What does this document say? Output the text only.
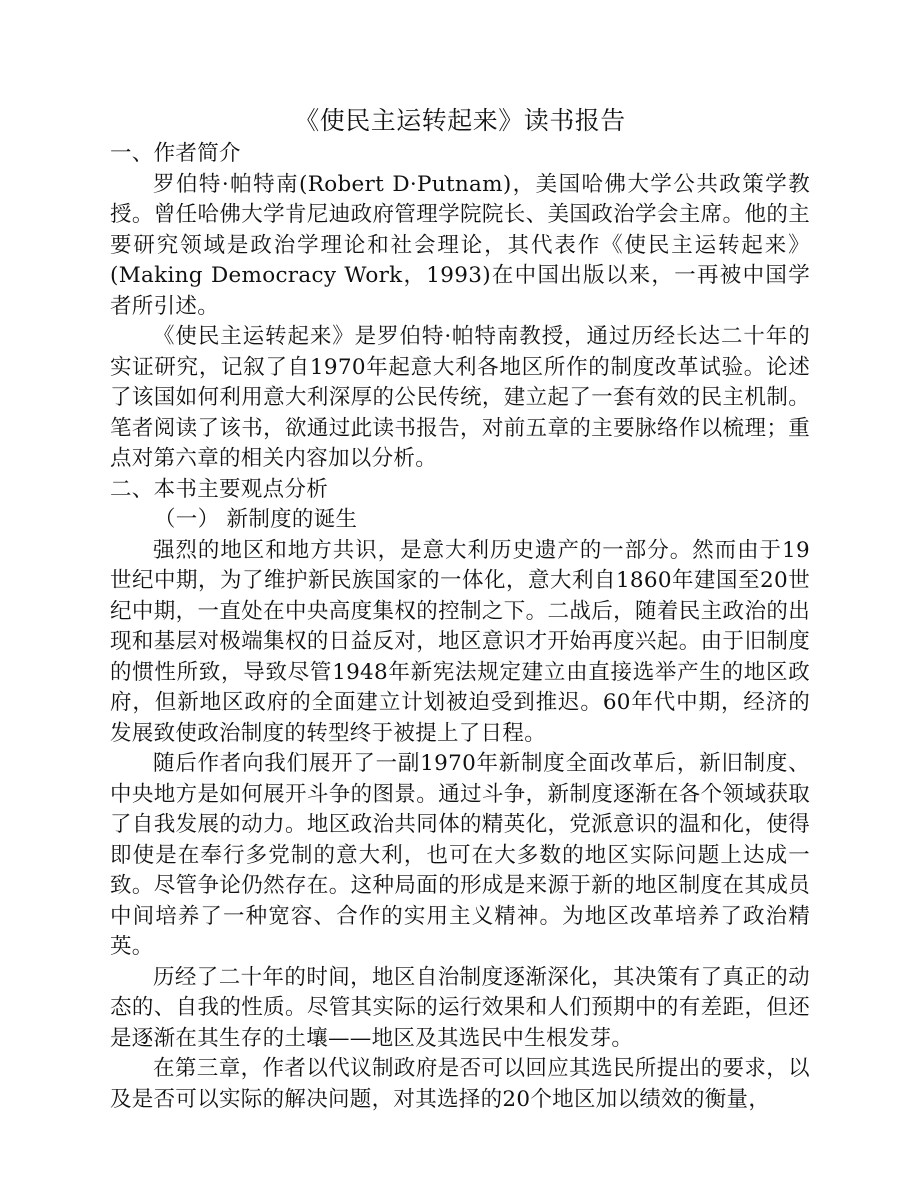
《使民主运转起来》读书报告

一、作者简介

罗伯特·帕特南(Robert D·Putnam)，美国哈佛大学公共政策学教授。曾任哈佛大学肯尼迪政府管理学院院长、美国政治学会主席。他的主要研究领域是政治学理论和社会理论，其代表作《使民主运转起来》(Making Democracy Work，1993)在中国出版以来，一再被中国学者所引述。

《使民主运转起来》是罗伯特·帕特南教授，通过历经长达二十年的实证研究，记叙了自1970年起意大利各地区所作的制度改革试验。论述了该国如何利用意大利深厚的公民传统，建立起了一套有效的民主机制。笔者阅读了该书，欲通过此读书报告，对前五章的主要脉络作以梳理；重点对第六章的相关内容加以分析。

二、本书主要观点分析

（一） 新制度的诞生

强烈的地区和地方共识，是意大利历史遗产的一部分。然而由于19世纪中期，为了维护新民族国家的一体化，意大利自1860年建国至20世纪中期，一直处在中央高度集权的控制之下。二战后，随着民主政治的出现和基层对极端集权的日益反对，地区意识才开始再度兴起。由于旧制度的惯性所致，导致尽管1948年新宪法规定建立由直接选举产生的地区政府，但新地区政府的全面建立计划被迫受到推迟。60年代中期，经济的发展致使政治制度的转型终于被提上了日程。

随后作者向我们展开了一副1970年新制度全面改革后，新旧制度、中央地方是如何展开斗争的图景。通过斗争，新制度逐渐在各个领域获取了自我发展的动力。地区政治共同体的精英化，党派意识的温和化，使得即使是在奉行多党制的意大利，也可在大多数的地区实际问题上达成一致。尽管争论仍然存在。这种局面的形成是来源于新的地区制度在其成员中间培养了一种宽容、合作的实用主义精神。为地区改革培养了政治精英。

历经了二十年的时间，地区自治制度逐渐深化，其决策有了真正的动态的、自我的性质。尽管其实际的运行效果和人们预期中的有差距，但还是逐渐在其生存的土壤——地区及其选民中生根发芽。

在第三章，作者以代议制政府是否可以回应其选民所提出的要求，以及是否可以实际的解决问题，对其选择的20个地区加以绩效的衡量，
